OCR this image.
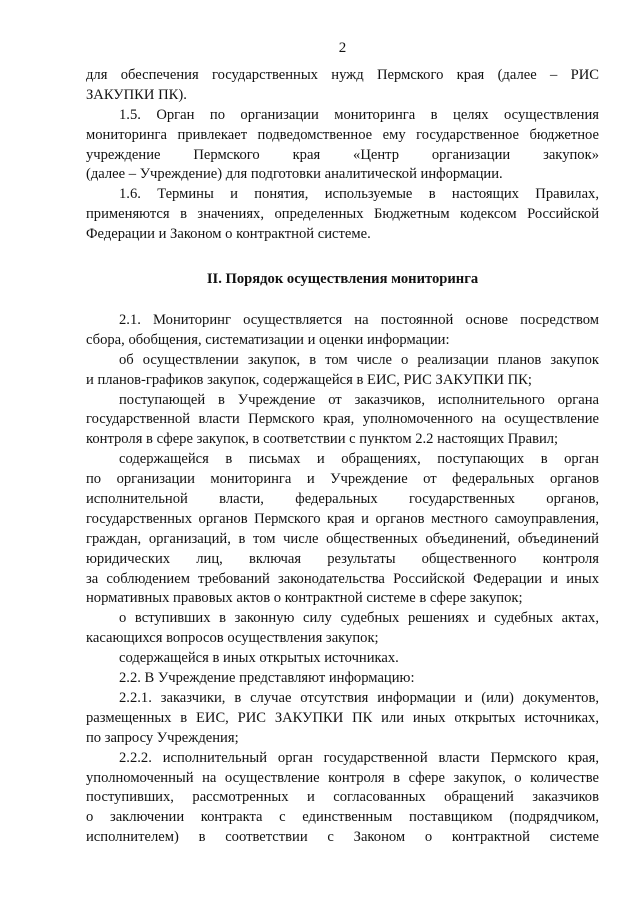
2
для обеспечения государственных нужд Пермского края (далее – РИС
ЗАКУПКИ ПК).
1.5. Орган по организации мониторинга в целях осуществления
мониторинга привлекает подведомственное ему государственное бюджетное
учреждение Пермского края «Центр организации закупок»
(далее – Учреждение) для подготовки аналитической информации.
1.6. Термины и понятия, используемые в настоящих Правилах,
применяются в значениях, определенных Бюджетным кодексом Российской
Федерации и Законом о контрактной системе.
II. Порядок осуществления мониторинга
2.1. Мониторинг осуществляется на постоянной основе посредством
сбора, обобщения, систематизации и оценки информации:
об осуществлении закупок, в том числе о реализации планов закупок
и планов-графиков закупок, содержащейся в ЕИС, РИС ЗАКУПКИ ПК;
поступающей в Учреждение от заказчиков, исполнительного органа
государственной власти Пермского края, уполномоченного на осуществление
контроля в сфере закупок, в соответствии с пунктом 2.2 настоящих Правил;
содержащейся в письмах и обращениях, поступающих в орган
по организации мониторинга и Учреждение от федеральных органов
исполнительной власти, федеральных государственных органов,
государственных органов Пермского края и органов местного самоуправления,
граждан, организаций, в том числе общественных объединений, объединений
юридических лиц, включая результаты общественного контроля
за соблюдением требований законодательства Российской Федерации и иных
нормативных правовых актов о контрактной системе в сфере закупок;
о вступивших в законную силу судебных решениях и судебных актах,
касающихся вопросов осуществления закупок;
содержащейся в иных открытых источниках.
2.2. В Учреждение представляют информацию:
2.2.1. заказчики, в случае отсутствия информации и (или) документов,
размещенных в ЕИС, РИС ЗАКУПКИ ПК или иных открытых источниках,
по запросу Учреждения;
2.2.2. исполнительный орган государственной власти Пермского края,
уполномоченный на осуществление контроля в сфере закупок, о количестве
поступивших, рассмотренных и согласованных обращений заказчиков
о заключении контракта с единственным поставщиком (подрядчиком,
исполнителем) в соответствии с Законом о контрактной системе
